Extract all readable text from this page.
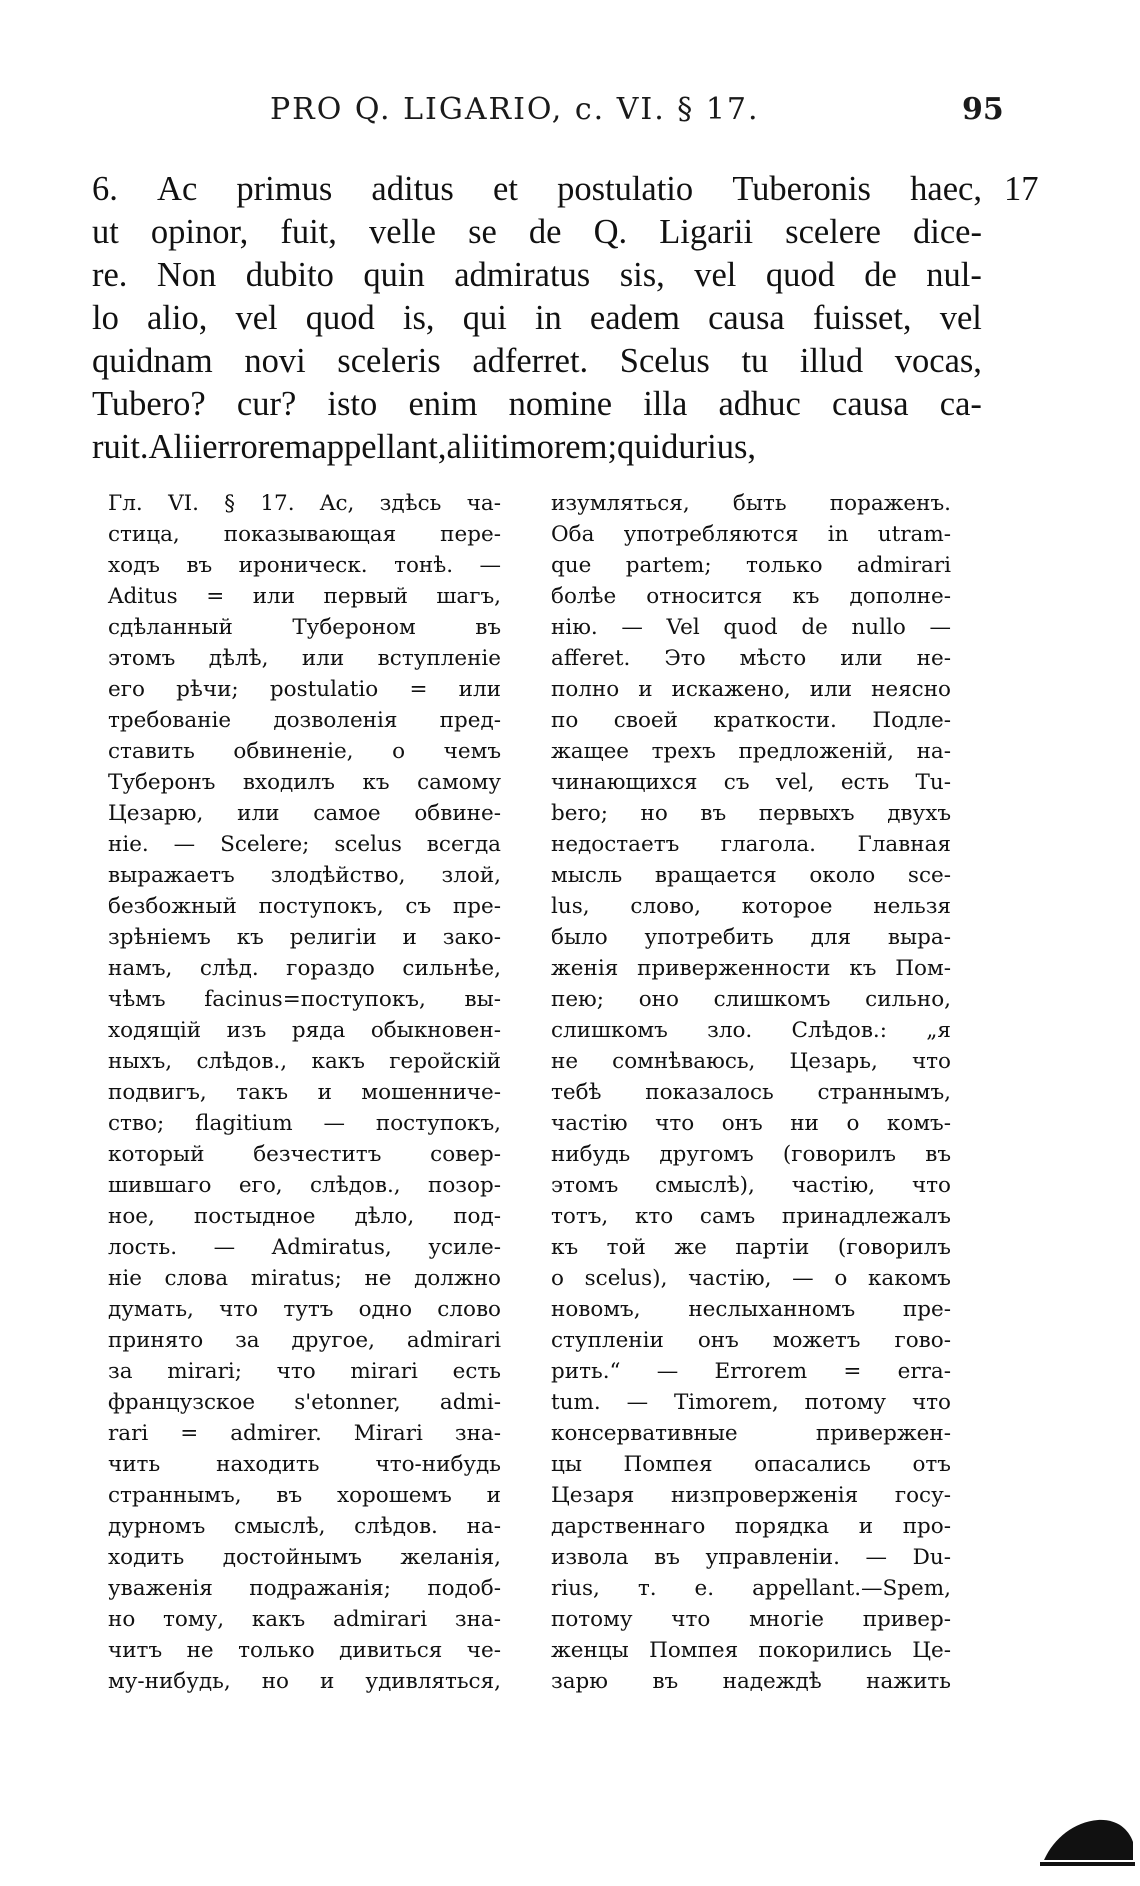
PRO Q. LIGARIO, c. VI. § 17.	95
6. Ac primus aditus et postulatio Tuberonis haec,
ut opinor, fuit, velle se de Q. Ligarii scelere dice-
re. Non dubito quin admiratus sis, vel quod de nul-
lo alio, vel quod is, qui in eadem causa fuisset, vel
quidnam novi sceleris adferret. Scelus tu illud vocas,
Tubero? cur? isto enim nomine illa adhuc causa ca-
ruit. Alii errorem appellant, alii timorem; qui durius,
17
Гл. VI. § 17. Ac, здѣсь ча-
стица, показывающая пере-
ходъ въ ироническ. тонѣ. —
Aditus = или первый шагъ,
сдѣланный Тубероном въ
этомъ дѣлѣ, или вступленіе
его рѣчи; postulatio = или
требованіе дозволенія пред-
ставить обвиненіе, о чемъ
Туберонъ входилъ къ самому
Цезарю, или самое обвине-
ніе. — Scelere; scelus всегда
выражаетъ злодѣйство, злой,
безбожный поступокъ, съ пре-
зрѣніемъ къ религіи и зако-
намъ, слѣд. гораздо сильнѣе,
чѣмъ facinus=поступокъ, вы-
ходящій изъ ряда обыкновен-
ныхъ, слѣдов., какъ геройскій
подвигъ, такъ и мошенниче-
ство; flagitium — поступокъ,
который безчеститъ совер-
шившаго его, слѣдов., позор-
ное, постыдное дѣло, под-
лость. — Admiratus, усиле-
ніе слова miratus; не должно
думать, что тутъ одно слово
принято за другое, admirari
за mirari; что mirari есть
французское s'etonner, admi-
rari = admirer. Mirari зна-
чить находить что-нибудь
страннымъ, въ хорошемъ и
дурномъ смыслѣ, слѣдов. на-
ходить достойнымъ желанія,
уваженія подражанія; подоб-
но тому, какъ admirari зна-
читъ не только дивиться че-
му-нибудь, но и удивляться,
изумляться, быть пораженъ.
Оба употребляются in utram-
que partem; только admirari
болѣе относится къ дополне-
нію. — Vel quod de nullo —
afferet. Это мѣсто или не-
полно и искажено, или неясно
по своей краткости. Подле-
жащее трехъ предложеній, на-
чинающихся съ vel, есть Tu-
bero; но въ первыхъ двухъ
недостаетъ глагола. Главная
мысль вращается около sce-
lus, слово, которое нельзя
было употребить для выра-
женія приверженности къ Пом-
пею; оно слишкомъ сильно,
слишкомъ зло. Слѣдов.: „я
не сомнѣваюсь, Цезарь, что
тебѣ показалось страннымъ,
частію что онъ ни о комъ-
нибудь другомъ (говорилъ въ
этомъ смыслѣ), частію, что
тотъ, кто самъ принадлежалъ
къ той же партіи (говорилъ
о scelus), частію, — о какомъ
новомъ, неслыханномъ пре-
ступленіи онъ можетъ гово-
рить.“ — Errorem = erra-
tum. — Timorem, потому что
консервативные привержен-
цы Помпея опасались отъ
Цезаря низпроверженія госу-
дарственнаго порядка и про-
извола въ управленіи. — Du-
rius, т. е. appellant.—Spem,
потому что многіе привер-
женцы Помпея покорились Це-
зарю въ надеждѣ нажить
